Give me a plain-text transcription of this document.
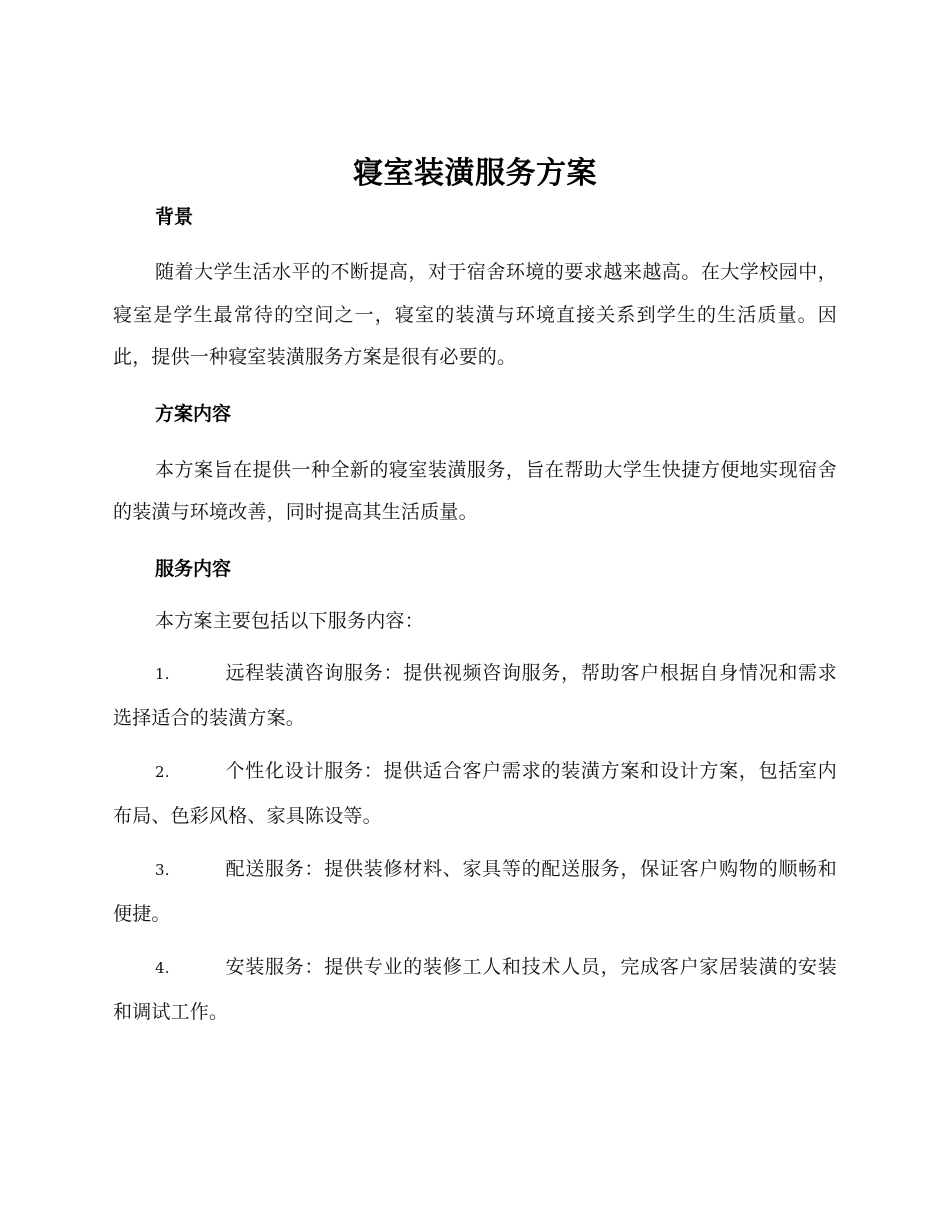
寝室装潢服务方案
背景

随着大学生活水平的不断提高，对于宿舍环境的要求越来越高。在大学校园中，寝室是学生最常待的空间之一，寝室的装潢与环境直接关系到学生的生活质量。因此，提供一种寝室装潢服务方案是很有必要的。

方案内容

本方案旨在提供一种全新的寝室装潢服务，旨在帮助大学生快捷方便地实现宿舍的装潢与环境改善，同时提高其生活质量。

服务内容

本方案主要包括以下服务内容：

1.	远程装潢咨询服务：提供视频咨询服务，帮助客户根据自身情况和需求选择适合的装潢方案。

2.	个性化设计服务：提供适合客户需求的装潢方案和设计方案，包括室内布局、色彩风格、家具陈设等。

3.	配送服务：提供装修材料、家具等的配送服务，保证客户购物的顺畅和便捷。

4.	安装服务：提供专业的装修工人和技术人员，完成客户家居装潢的安装和调试工作。
